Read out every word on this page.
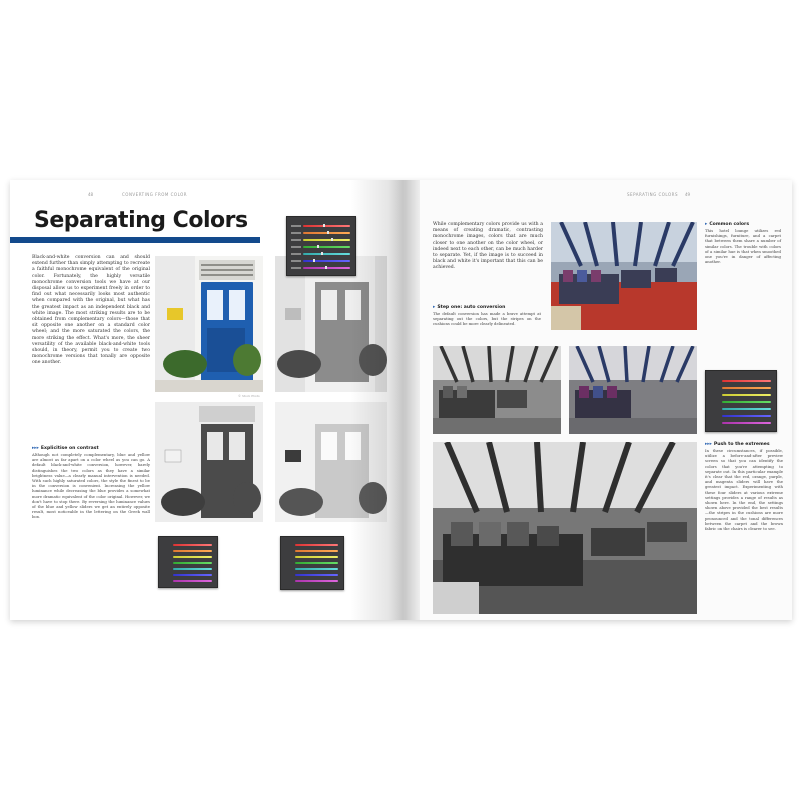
CONVERTING FROM COLOR
48
Separating Colors
Black-and-white conversion can and should extend further than simply attempting to recreate a faithful monochrome equivalent of the original color. Fortunately, the highly versatile monochrome conversion tools we have at our disposal allow us to experiment freely in order to find out what necessarily looks most authentic when compared with the original, but what has the greatest impact as an independent black and white image. The most striking results are to be obtained from complementary colors—those that sit opposite one another on a standard color wheel; and the more saturated the colors, the more striking the effect. What's more, the sheer versatility of the available black-and-white tools should, in theory, permit you to create two monochrome versions that tonally are opposite one another.
© Stock Photo
▸▸▸ Explicitise on contrast
Although not completely complementary, blue and yellow are almost as far apart on a color wheel as you can go. A default black-and-white conversion, however, barely distinguishes the two colors as they have a similar brightness value—a clearly manual intervention is needed. With such highly saturated colors, the style the finest to be in the conversion is convenient. Increasing the yellow luminance while decreasing the blue provides a somewhat more dramatic equivalent of the color original. However, we don't have to stop there. By reversing the luminance values of the blue and yellow sliders we get an entirely opposite result, most noticeable in the lettering on the Greek wall box.
SEPARATING COLORS 49
While complementary colors provide us with a means of creating dramatic, contrasting monochrome images, colors that are much closer to one another on the color wheel, or indeed next to each other, can be much harder to separate. Yet, if the image is to succeed in black and white it's important that this can be achieved.
▸ Step one: auto conversion
The default conversion has made a brave attempt at separating out the colors, but the stripes on the cushions could be more clearly delineated.
▸ Common colors
This hotel lounge utilizes red furnishings, furniture, and a carpet that between them share a number of similar colors. The trouble with colors of a similar hue is that when smoothed one you're in danger of affecting another.
▸▸▸ Push to the extremes
In these circumstances, if possible, utilize a before-and-after preview screen so that you can identify the colors that you're attempting to separate out. In this particular example it's clear that the red, orange, purple, and magenta sliders will have the greatest impact. Experimenting with these four sliders at various extreme settings provides a range of results as shown here. In the end, the settings shown above provided the best results—the stripes in the cushions are more pronounced and the tonal differences between the carpet and the brown fabric on the chairs is clearer to see.
